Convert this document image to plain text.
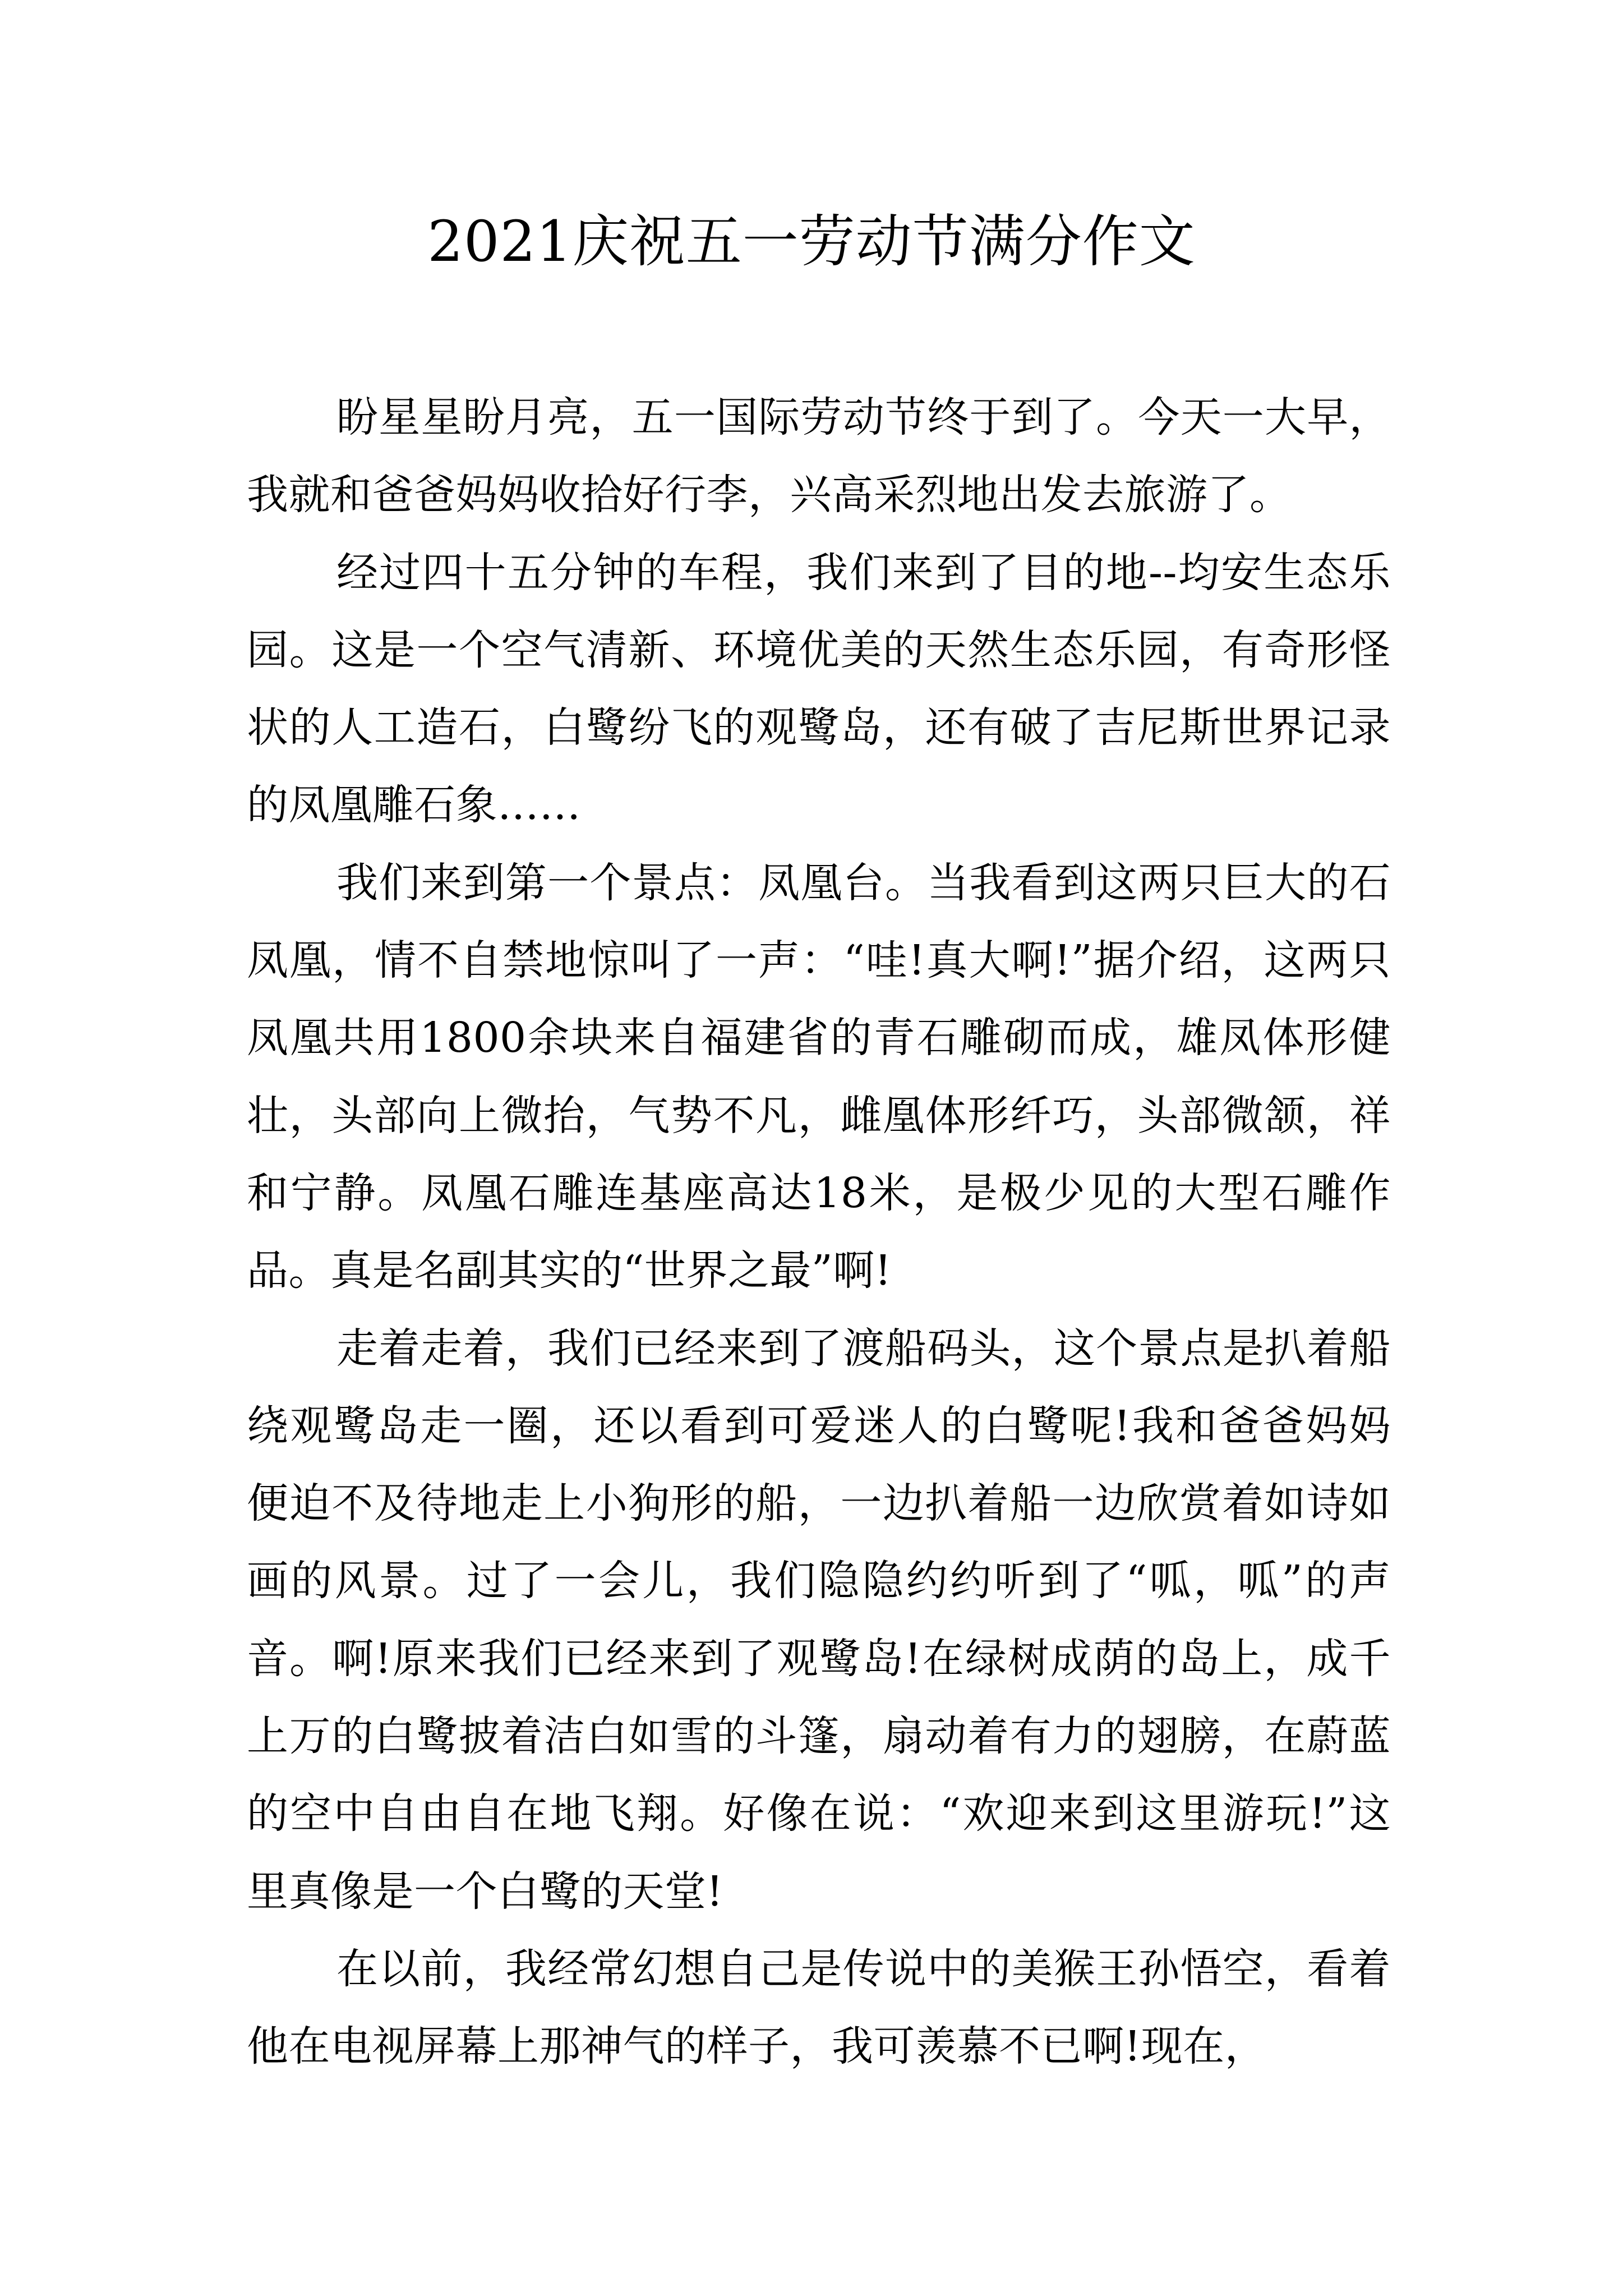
2021庆祝五一劳动节满分作文

盼星星盼月亮，五一国际劳动节终于到了。今天一大早，我就和爸爸妈妈收拾好行李，兴高采烈地出发去旅游了。

经过四十五分钟的车程，我们来到了目的地--均安生态乐园。这是一个空气清新、环境优美的天然生态乐园，有奇形怪状的人工造石，白鹭纷飞的观鹭岛，还有破了吉尼斯世界记录的凤凰雕石象……

我们来到第一个景点：凤凰台。当我看到这两只巨大的石凤凰，情不自禁地惊叫了一声：“哇!真大啊!”据介绍，这两只凤凰共用1800余块来自福建省的青石雕砌而成，雄凤体形健壮，头部向上微抬，气势不凡，雌凰体形纤巧，头部微颔，祥和宁静。凤凰石雕连基座高达18米，是极少见的大型石雕作品。真是名副其实的“世界之最”啊!

走着走着，我们已经来到了渡船码头，这个景点是扒着船绕观鹭岛走一圈，还以看到可爱迷人的白鹭呢!我和爸爸妈妈便迫不及待地走上小狗形的船，一边扒着船一边欣赏着如诗如画的风景。过了一会儿，我们隐隐约约听到了“呱，呱”的声音。啊!原来我们已经来到了观鹭岛!在绿树成荫的岛上，成千上万的白鹭披着洁白如雪的斗篷，扇动着有力的翅膀，在蔚蓝的空中自由自在地飞翔。好像在说：“欢迎来到这里游玩!”这里真像是一个白鹭的天堂!

在以前，我经常幻想自己是传说中的美猴王孙悟空，看着他在电视屏幕上那神气的样子，我可羡慕不已啊!现在，
